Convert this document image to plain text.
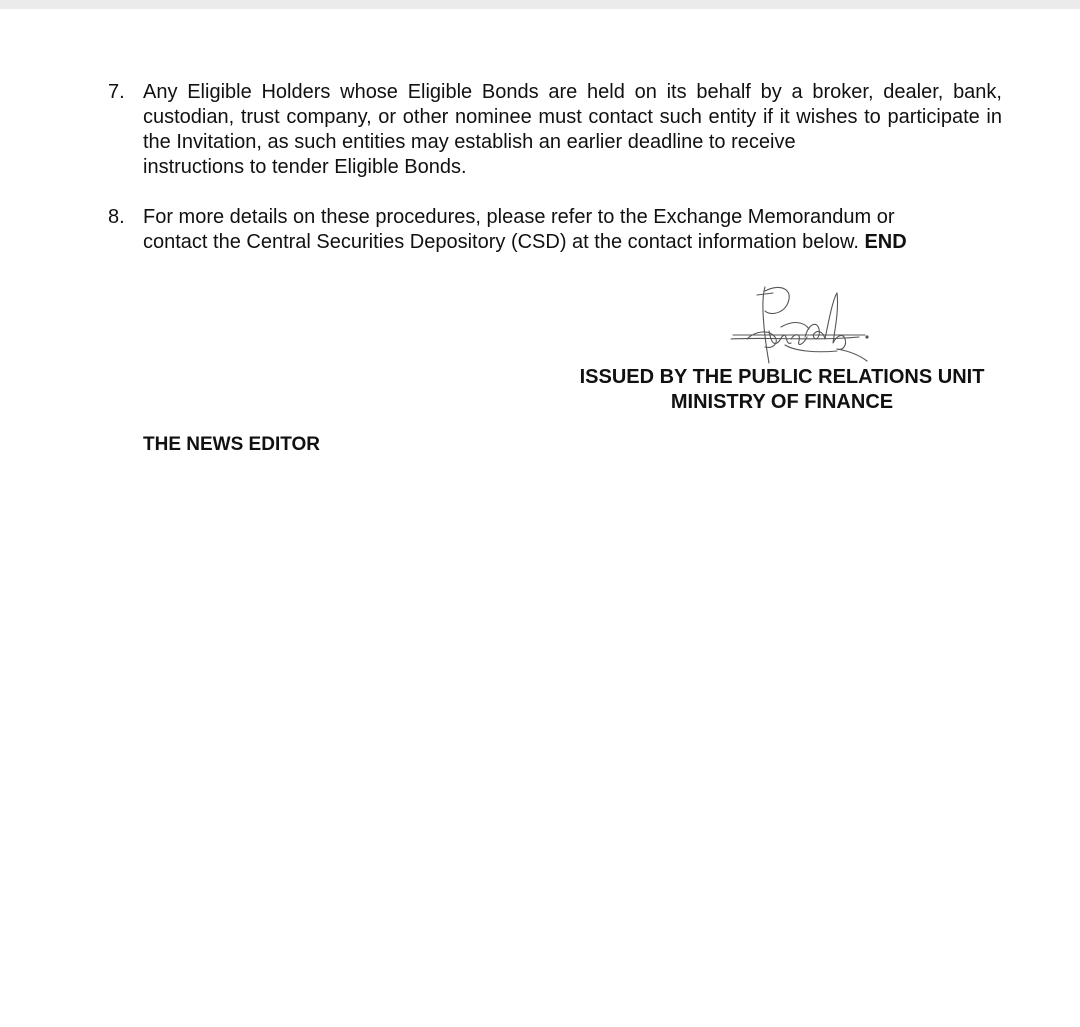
7. Any Eligible Holders whose Eligible Bonds are held on its behalf by a broker, dealer, bank, custodian, trust company, or other nominee must contact such entity if it wishes to participate in the Invitation, as such entities may establish an earlier deadline to receive
instructions to tender Eligible Bonds.
8. For more details on these procedures, please refer to the Exchange Memorandum or
contact the Central Securities Depository (CSD) at the contact information below. END
ISSUED BY THE PUBLIC RELATIONS UNIT
MINISTRY OF FINANCE
THE NEWS EDITOR
